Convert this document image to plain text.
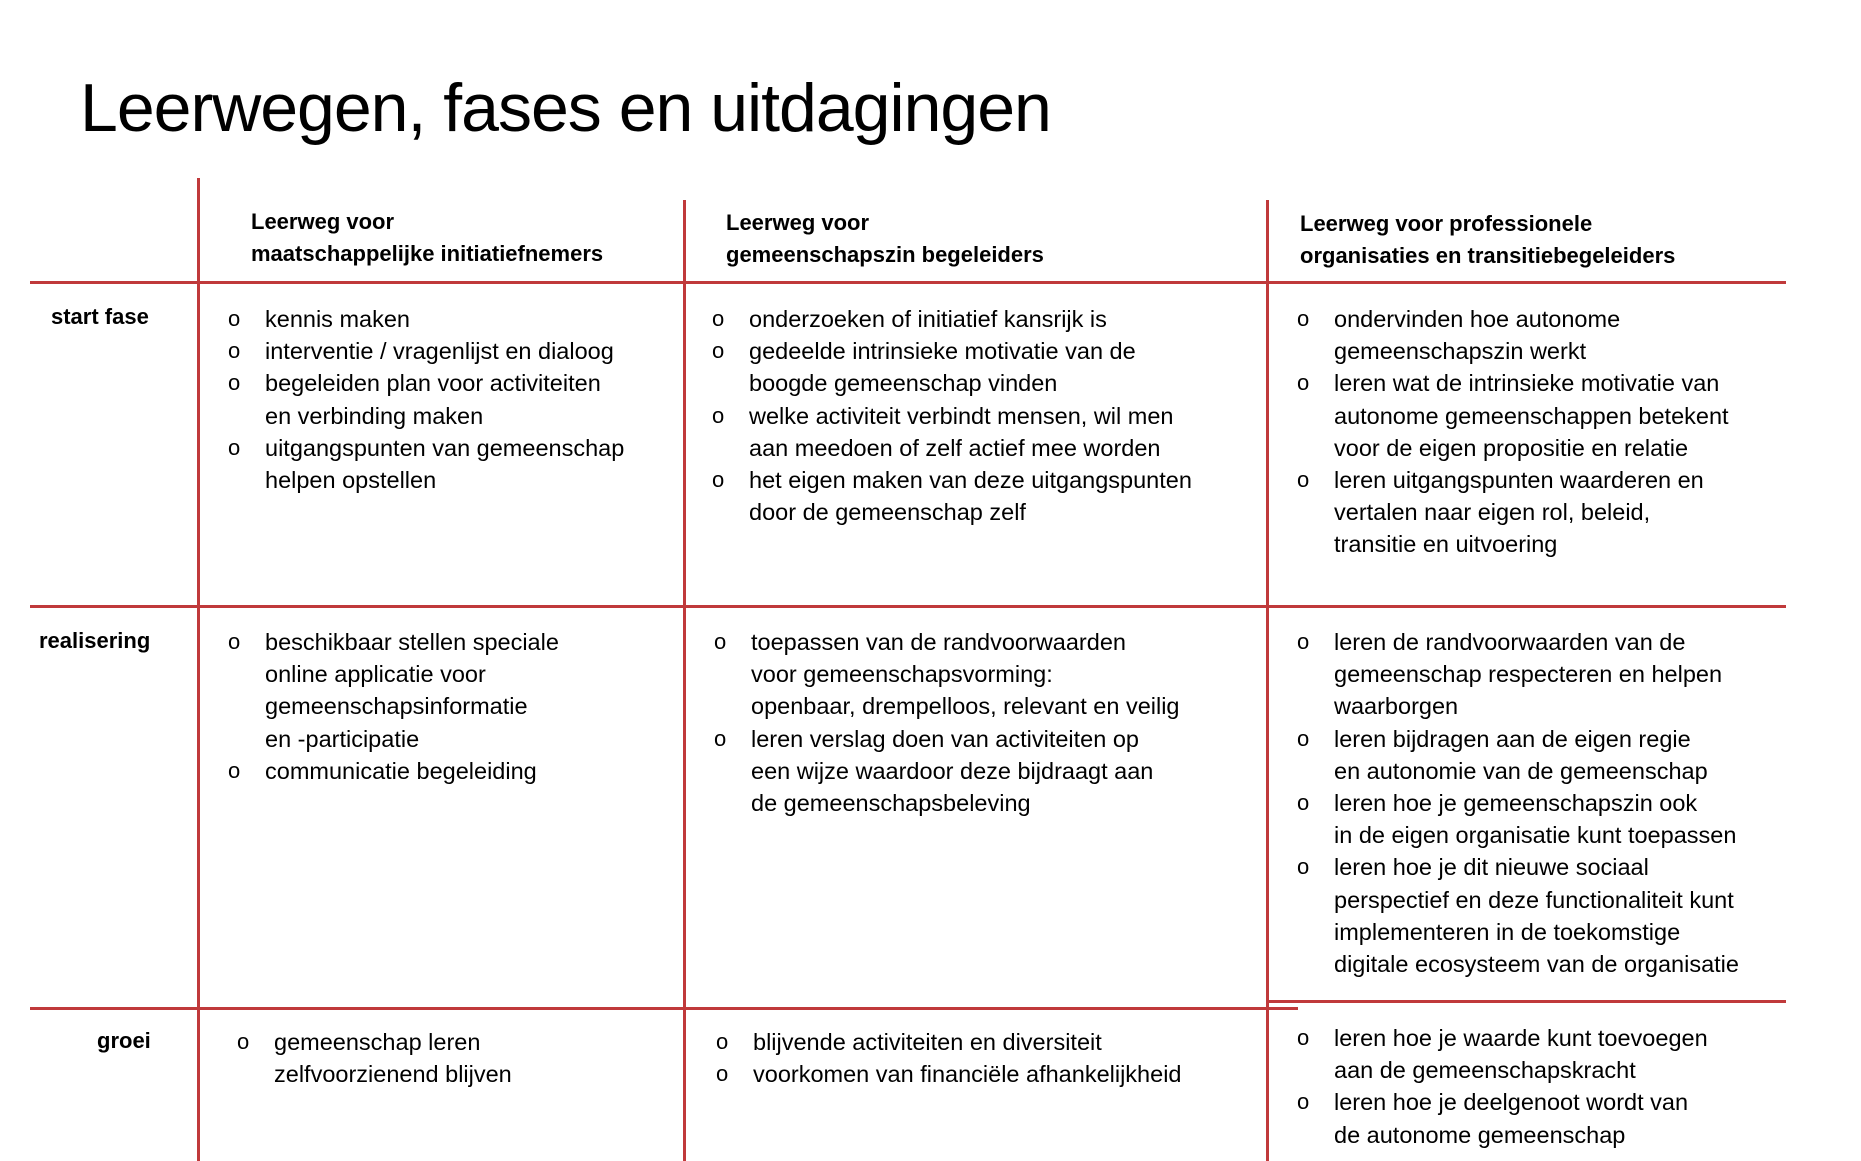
Leerwegen, fases en uitdagingen
Leerweg voor
maatschappelijke initiatiefnemers
Leerweg voor
gemeenschapszin begeleiders
Leerweg voor professionele
organisaties en transitiebegeleiders
start fase
realisering
groei
o kennis maken
o interventie / vragenlijst en dialoog
o begeleiden plan voor activiteiten
en verbinding maken
o uitgangspunten van gemeenschap
helpen opstellen
o onderzoeken of initiatief kansrijk is
o gedeelde intrinsieke motivatie van de
boogde gemeenschap vinden
o welke activiteit verbindt mensen, wil men
aan meedoen of zelf actief mee worden
o het eigen maken van deze uitgangspunten
door de gemeenschap zelf
o ondervinden hoe autonome
gemeenschapszin werkt
o leren wat de intrinsieke motivatie van
autonome gemeenschappen betekent
voor de eigen propositie en relatie
o leren uitgangspunten waarderen en
vertalen naar eigen rol, beleid,
transitie en uitvoering
o beschikbaar stellen speciale
online applicatie voor
gemeenschapsinformatie
en -participatie
o communicatie begeleiding
o toepassen van de randvoorwaarden
voor gemeenschapsvorming:
openbaar, drempelloos, relevant en veilig
o leren verslag doen van activiteiten op
een wijze waardoor deze bijdraagt aan
de gemeenschapsbeleving
o leren de randvoorwaarden van de
gemeenschap respecteren en helpen
waarborgen
o leren bijdragen aan de eigen regie
en autonomie van de gemeenschap
o leren hoe je gemeenschapszin ook
in de eigen organisatie kunt toepassen
o leren hoe je dit nieuwe sociaal
perspectief en deze functionaliteit kunt
implementeren in de toekomstige
digitale ecosysteem van de organisatie
o gemeenschap leren
zelfvoorzienend blijven
o blijvende activiteiten en diversiteit
o voorkomen van financiële afhankelijkheid
o leren hoe je waarde kunt toevoegen
aan de gemeenschapskracht
o leren hoe je deelgenoot wordt van
de autonome gemeenschap
